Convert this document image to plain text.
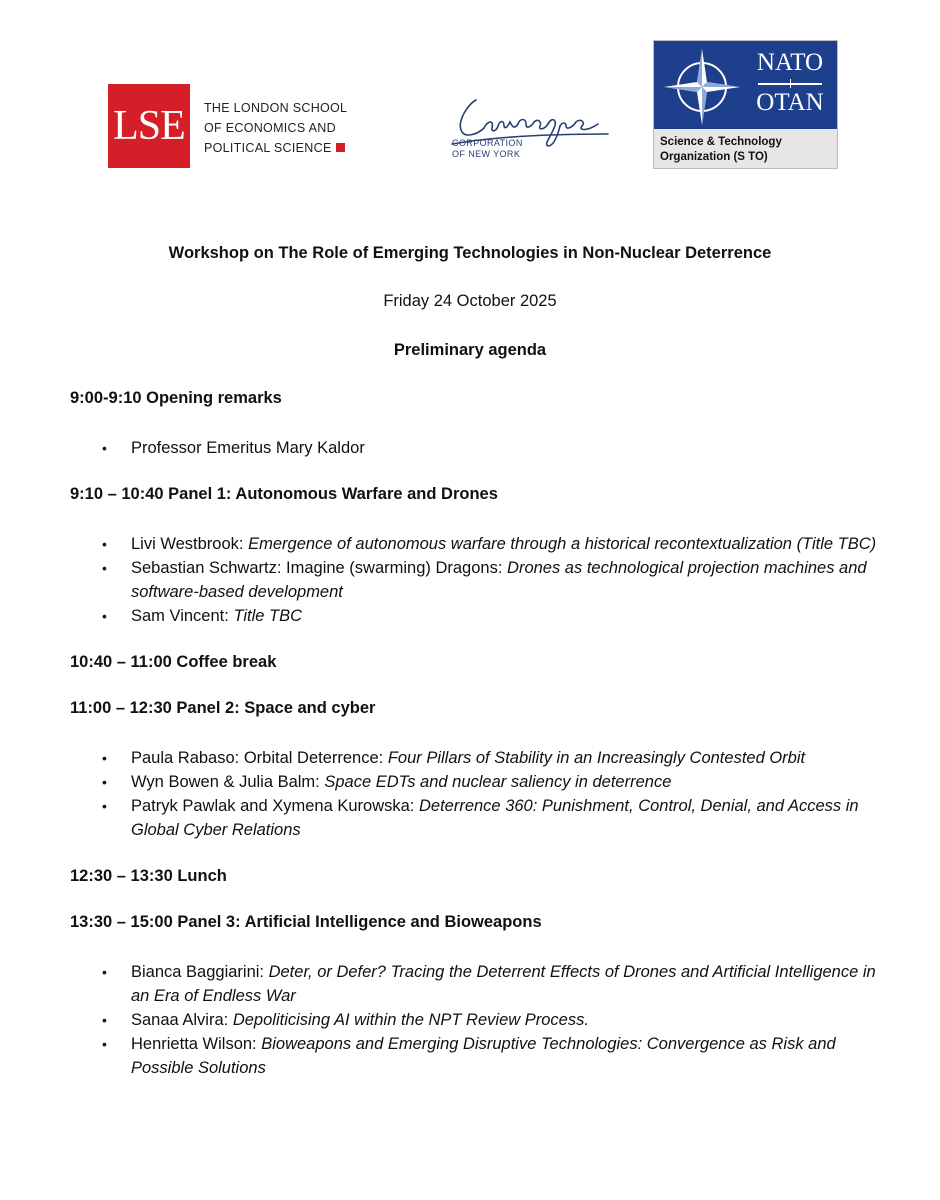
LSE	THE LONDON SCHOOL
OF ECONOMICS AND
POLITICAL SCIENCE	CORPORATION
OF NEW YORK
NATO
OTAN
Science & Technology
Organization (S TO)
Workshop on The Role of Emerging Technologies in Non-Nuclear Deterrence
Friday 24 October 2025
Preliminary agenda
9:00-9:10 Opening remarks
• Professor Emeritus Mary Kaldor
9:10 – 10:40 Panel 1: Autonomous Warfare and Drones
• Livi Westbrook: Emergence of autonomous warfare through a historical recontextualization (Title TBC)
• Sebastian Schwartz: Imagine (swarming) Dragons: Drones as technological projection machines and software-based development
• Sam Vincent: Title TBC
10:40 – 11:00 Coffee break
11:00 – 12:30 Panel 2: Space and cyber
• Paula Rabaso: Orbital Deterrence: Four Pillars of Stability in an Increasingly Contested Orbit
• Wyn Bowen & Julia Balm: Space EDTs and nuclear saliency in deterrence
• Patryk Pawlak and Xymena Kurowska: Deterrence 360: Punishment, Control, Denial, and Access in Global Cyber Relations
12:30 – 13:30 Lunch
13:30 – 15:00 Panel 3: Artificial Intelligence and Bioweapons
• Bianca Baggiarini: Deter, or Defer? Tracing the Deterrent Effects of Drones and Artificial Intelligence in an Era of Endless War
• Sanaa Alvira: Depoliticising AI within the NPT Review Process.
• Henrietta Wilson: Bioweapons and Emerging Disruptive Technologies: Convergence as Risk and Possible Solutions
